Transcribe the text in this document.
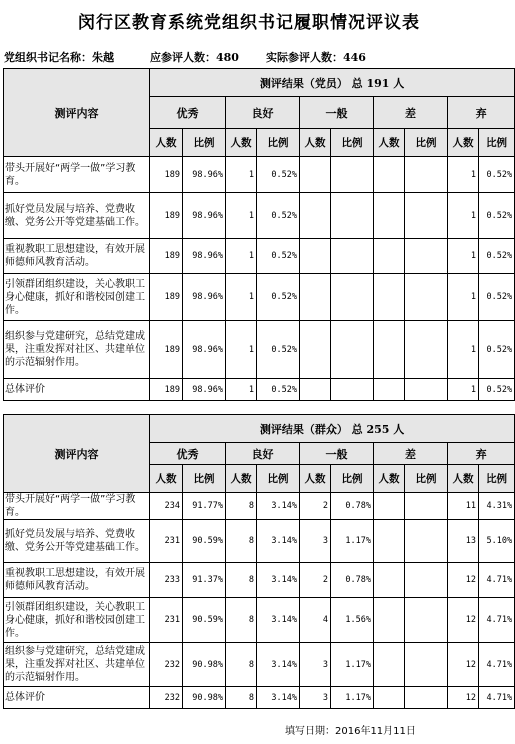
闵行区教育系统党组织书记履职情况评议表
党组织书记名称：朱越	应参评人数：480 实际参评人数：446
测评内容	测评结果（党员） 总 191 人									
	优秀		良好		一般		差		弃	
	人数	比例	人数	比例	人数	比例	人数	比例	人数	比例
带头开展好“两学一做”学习教育。	189	98.96%	1	0.52%					1	0.52%
抓好党员发展与培养、党费收缴、党务公开等党建基础工作。	189	98.96%	1	0.52%					1	0.52%
重视教职工思想建设，有效开展师德师风教育活动。	189	98.96%	1	0.52%					1	0.52%
引领群团组织建设，关心教职工身心健康，抓好和谐校园创建工作。	189	98.96%	1	0.52%					1	0.52%
组织参与党建研究，总结党建成果，注重发挥对社区、共建单位的示范辐射作用。	189	98.96%	1	0.52%					1	0.52%
总体评价	189	98.96%	1	0.52%					1	0.52%
测评内容	测评结果（群众） 总 255 人									
	优秀		良好		一般		差		弃	
	人数	比例	人数	比例	人数	比例	人数	比例	人数	比例
带头开展好“两学一做”学习教育。	234	91.77%	8	3.14%	2	0.78%			11	4.31%
抓好党员发展与培养、党费收缴、党务公开等党建基础工作。	231	90.59%	8	3.14%	3	1.17%			13	5.10%
重视教职工思想建设，有效开展师德师风教育活动。	233	91.37%	8	3.14%	2	0.78%			12	4.71%
引领群团组织建设，关心教职工身心健康，抓好和谐校园创建工作。	231	90.59%	8	3.14%	4	1.56%			12	4.71%
组织参与党建研究，总结党建成果，注重发挥对社区、共建单位的示范辐射作用。	232	90.98%	8	3.14%	3	1.17%			12	4.71%
总体评价	232	90.98%	8	3.14%	3	1.17%			12	4.71%
填写日期：2016年11月11日
